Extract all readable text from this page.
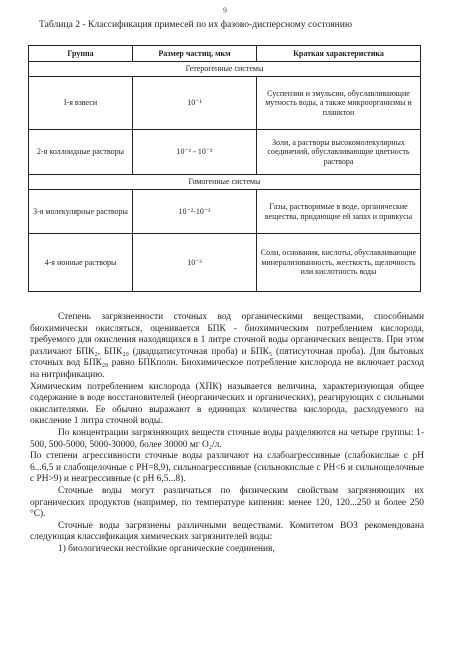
9
Таблица 2 - Классификация примесей по их фазово-дисперсному состоянию
Группа	Размер частиц, мкм	Краткая характеристика
Гетерогенные системы		
I-я взвеси	10⁻¹	Суспензии и эмульсии, обуславливающие мутность воды, а также микроорганизмы и планктон
2-я коллоидные растворы	10⁻¹ - 10⁻²	Золи, а растворы высокомолекулярных соединений, обуславливающие цветность раствора
Гомогенные системы		
3-я молекулярные растворы	10⁻²-10⁻³	Газы, растворимые в воде, органические вещества, придающие ей запах и привкусы
4-я ионные растворы	10⁻³	Соли, основания, кислоты, обуславливающие минерализованность, жесткость, щелочность или кислотность воды

Степень загрязненности сточных вод органическими веществами, способными биохимически окисляться, оценивается БПК - биохимическим потреблением кислорода, требуемого для окисления находящихся в 1 литре сточной воды органических веществ. При этом различают БПК₂, БПК₂₀ (двадцатисуточная проба) и БПК₅ (пятисуточная проба). Для бытовых сточных вод БПК₂₀ равно БПКполн. Биохимическое потребление кислорода не включает расход на нитрификацию.

Химическим потреблением кислорода (ХПК) называется величина, характеризующая общее содержание в воде восстановителей (неорганических и органических), реагирующих с сильными окислителями. Ее обычно выражают в единицах количества кислорода, расходуемого на окисление 1 литра сточной воды.

По концентрации загрязняющих веществ сточные воды разделяются на четыре группы: 1-500, 500-5000, 5000-30000, более 30000 мг О₂/л.

По степени агрессивности сточные воды различают на слабоагрессивные (слабокислые с рН 6...6,5 и слабощелочные с РН=8,9), сильноагрессивные (сильнокислые с РН<6 и сильнощелочные с РН>9) и неагрессивные (с рН 6,5...8).

Сточные воды могут различаться по физическим свойствам загрязняющих их органических продуктов (например, по температуре кипения: менее 120, 120...250 и более 250 °С).

Сточные воды загрязнены различными веществами. Комитетом ВОЗ рекомендована следующая классификация химических загрязнителей воды:

1) биологически нестойкие органические соединения,
